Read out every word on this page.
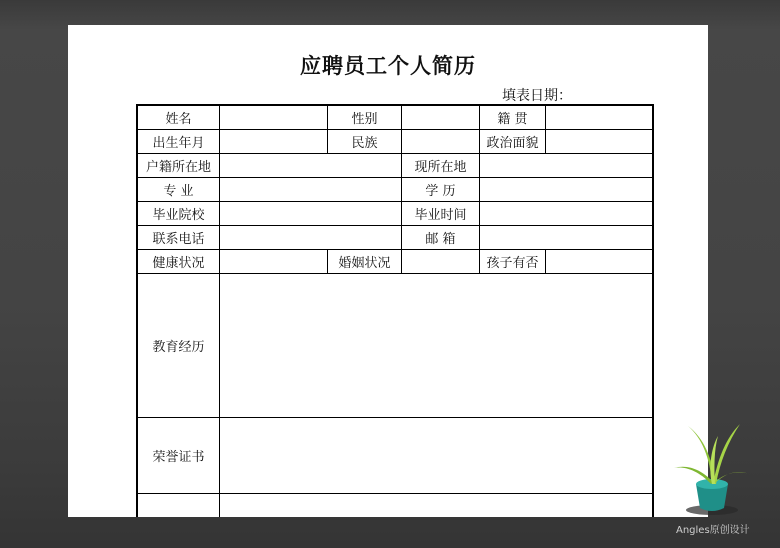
应聘员工个人简历
填表日期：
姓名	性别	籍 贯
出生年月	民族	政治面貌
户籍所在地	现所在地
专 业	学 历
毕业院校	毕业时间
联系电话	邮 箱
健康状况	婚姻状况	孩子有否
教育经历
荣誉证书
Angles原创设计
